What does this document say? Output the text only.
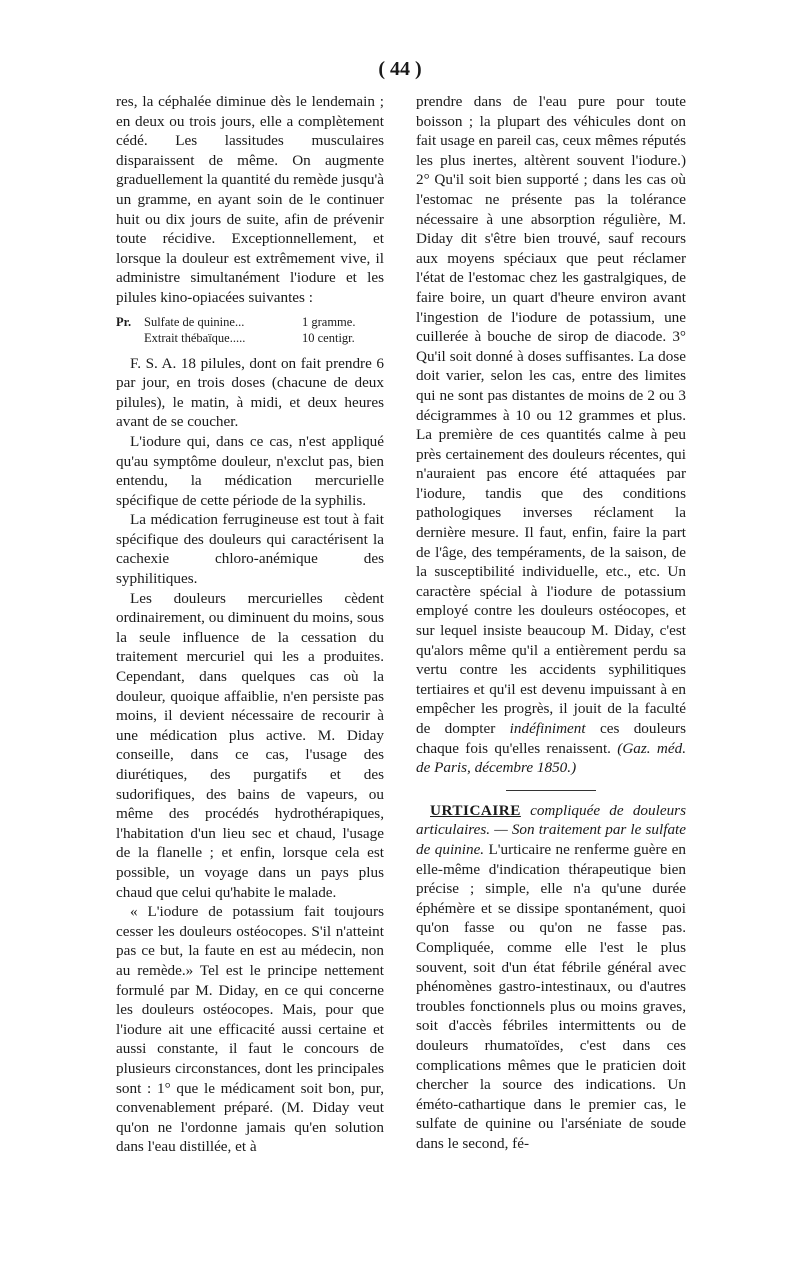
( 44 )

res, la céphalée diminue dès le lendemain ; en deux ou trois jours, elle a complètement cédé. Les lassitudes musculaires disparaissent de même. On augmente graduellement la quantité du remède jusqu'à un gramme, en ayant soin de le continuer huit ou dix jours de suite, afin de prévenir toute récidive. Exceptionnellement, et lorsque la douleur est extrêmement vive, il administre simultanément l'iodure et les pilules kino-opiacées suivantes :

Pr.	Sulfate de quinine...	1 gramme.
Extrait thébaïque.....	10 centigr.

F. S. A. 18 pilules, dont on fait prendre 6 par jour, en trois doses (chacune de deux pilules), le matin, à midi, et deux heures avant de se coucher.

L'iodure qui, dans ce cas, n'est appliqué qu'au symptôme douleur, n'exclut pas, bien entendu, la médication mercurielle spécifique de cette période de la syphilis.

La médication ferrugineuse est tout à fait spécifique des douleurs qui caractérisent la cachexie chloro-anémique des syphilitiques.

Les douleurs mercurielles cèdent ordinairement, ou diminuent du moins, sous la seule influence de la cessation du traitement mercuriel qui les a produites. Cependant, dans quelques cas où la douleur, quoique affaiblie, n'en persiste pas moins, il devient nécessaire de recourir à une médication plus active. M. Diday conseille, dans ce cas, l'usage des diurétiques, des purgatifs et des sudorifiques, des bains de vapeurs, ou même des procédés hydrothérapiques, l'habitation d'un lieu sec et chaud, l'usage de la flanelle ; et enfin, lorsque cela est possible, un voyage dans un pays plus chaud que celui qu'habite le malade.

« L'iodure de potassium fait toujours cesser les douleurs ostéocopes. S'il n'atteint pas ce but, la faute en est au médecin, non au remède.» Tel est le principe nettement formulé par M. Diday, en ce qui concerne les douleurs ostéocopes. Mais, pour que l'iodure ait une efficacité aussi certaine et aussi constante, il faut le concours de plusieurs circonstances, dont les principales sont : 1° que le médicament soit bon, pur, convenablement préparé. (M. Diday veut qu'on ne l'ordonne jamais qu'en solution dans l'eau distillée, et à

prendre dans de l'eau pure pour toute boisson ; la plupart des véhicules dont on fait usage en pareil cas, ceux mêmes réputés les plus inertes, altèrent souvent l'iodure.) 2° Qu'il soit bien supporté ; dans les cas où l'estomac ne présente pas la tolérance nécessaire à une absorption régulière, M. Diday dit s'être bien trouvé, sauf recours aux moyens spéciaux que peut réclamer l'état de l'estomac chez les gastralgiques, de faire boire, un quart d'heure environ avant l'ingestion de l'iodure de potassium, une cuillerée à bouche de sirop de diacode. 3° Qu'il soit donné à doses suffisantes. La dose doit varier, selon les cas, entre des limites qui ne sont pas distantes de moins de 2 ou 3 décigrammes à 10 ou 12 grammes et plus. La première de ces quantités calme à peu près certainement des douleurs récentes, qui n'auraient pas encore été attaquées par l'iodure, tandis que des conditions pathologiques inverses réclament la dernière mesure. Il faut, enfin, faire la part de l'âge, des tempéraments, de la saison, de la susceptibilité individuelle, etc., etc. Un caractère spécial à l'iodure de potassium employé contre les douleurs ostéocopes, et sur lequel insiste beaucoup M. Diday, c'est qu'alors même qu'il a entièrement perdu sa vertu contre les accidents syphilitiques tertiaires et qu'il est devenu impuissant à en empêcher les progrès, il jouit de la faculté de dompter indéfiniment ces douleurs chaque fois qu'elles renaissent. (Gaz. méd. de Paris, décembre 1850.)

URTICAIRE compliquée de douleurs articulaires. — Son traitement par le sulfate de quinine. L'urticaire ne renferme guère en elle-même d'indication thérapeutique bien précise ; simple, elle n'a qu'une durée éphémère et se dissipe spontanément, quoi qu'on fasse ou qu'on ne fasse pas. Compliquée, comme elle l'est le plus souvent, soit d'un état fébrile général avec phénomènes gastro-intestinaux, ou d'autres troubles fonctionnels plus ou moins graves, soit d'accès fébriles intermittents ou de douleurs rhumatoïdes, c'est dans ces complications mêmes que le praticien doit chercher la source des indications. Un éméto-cathartique dans le premier cas, le sulfate de quinine ou l'arséniate de soude dans le second, fé-
